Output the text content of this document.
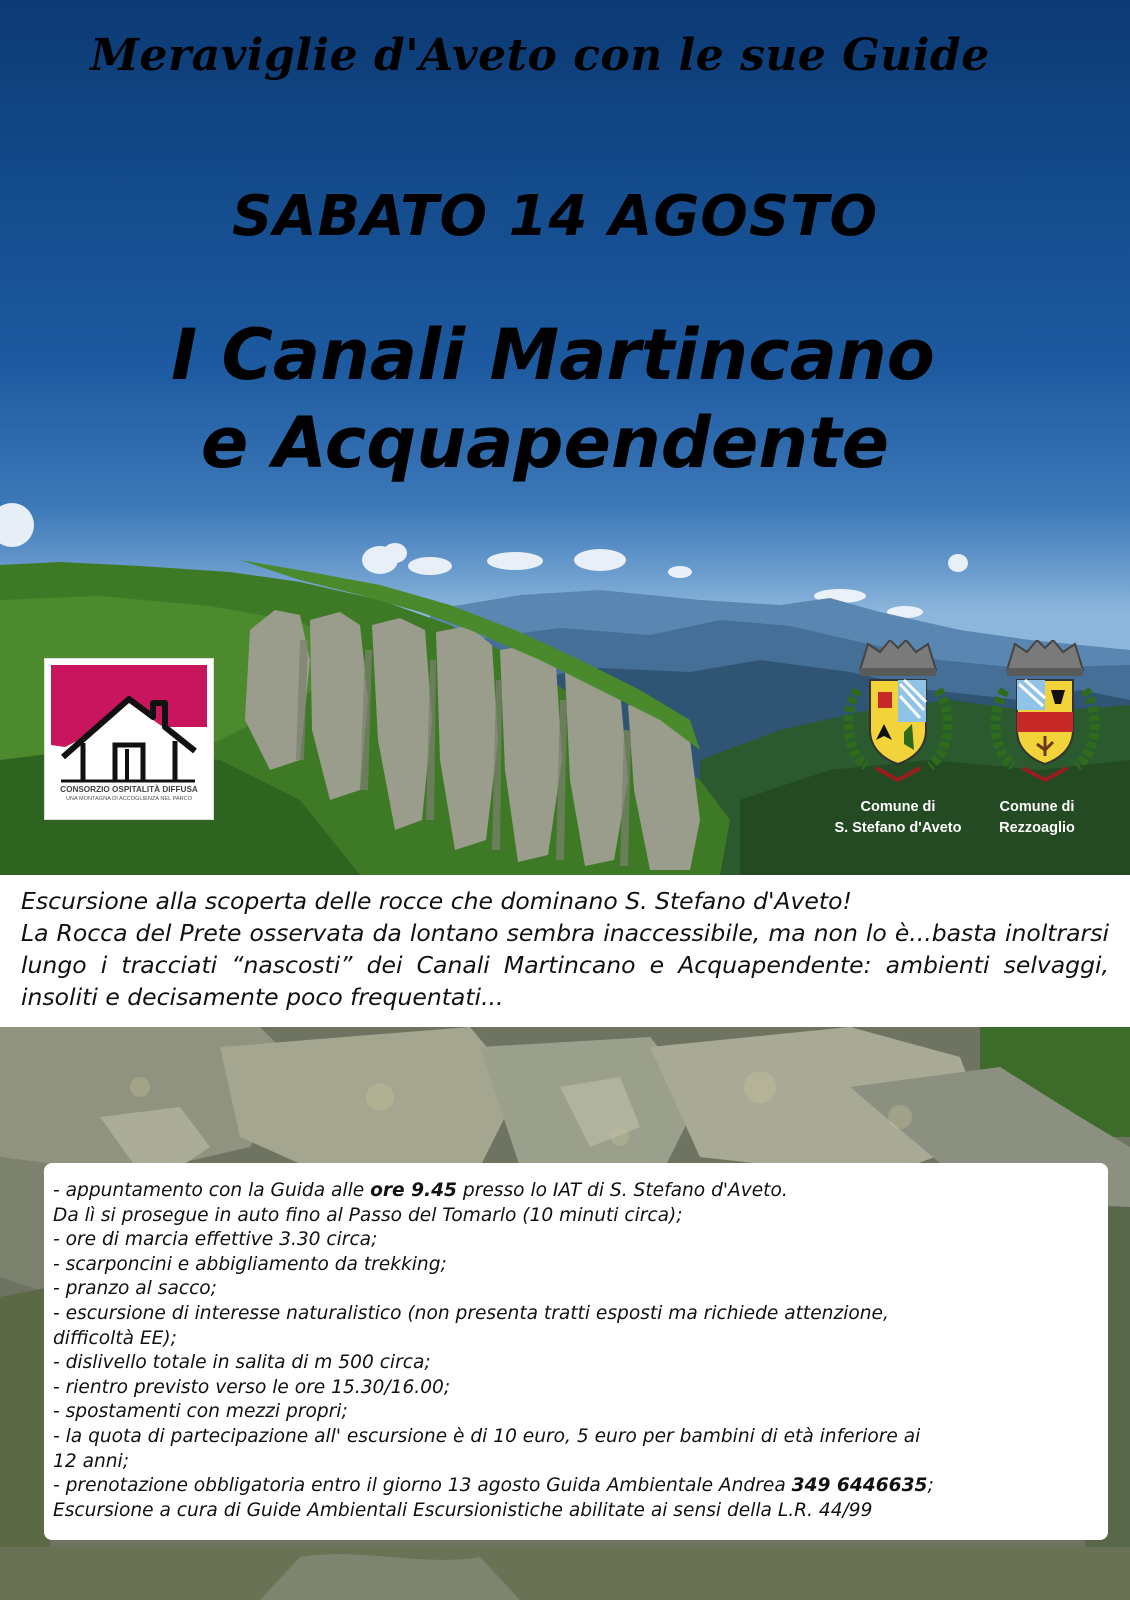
Meraviglie d'Aveto con le sue Guide
SABATO 14 AGOSTO
I Canali Martincano
e Acquapendente
CONSORZIO OSPITALITÀ DIFFUSA
UNA MONTAGNA DI ACCOGLIENZA NEL PARCO	Comune di
S. Stefano d'Aveto
Comune di
Rezzoaglio
Escursione alla scoperta delle rocce che dominano S. Stefano d'Aveto!
La Rocca del Prete osservata da lontano sembra inaccessibile, ma non lo è...basta inoltrarsi lungo i tracciati “nascosti” dei Canali Martincano e Acquapendente: ambienti selvaggi, insoliti e decisamente poco frequentati...
- appuntamento con la Guida alle ore 9.45 presso lo IAT di S. Stefano d'Aveto.
Da lì si prosegue in auto fino al Passo del Tomarlo (10 minuti circa);
- ore di marcia effettive 3.30 circa;
- scarponcini e abbigliamento da trekking;
- pranzo al sacco;
- escursione di interesse naturalistico (non presenta tratti esposti ma richiede attenzione,
difficoltà EE);
- dislivello totale in salita di m 500 circa;
- rientro previsto verso le ore 15.30/16.00;
- spostamenti con mezzi propri;
- la quota di partecipazione all' escursione è di 10 euro, 5 euro per bambini di età inferiore ai
12 anni;
- prenotazione obbligatoria entro il giorno 13 agosto Guida Ambientale Andrea 349 6446635;
Escursione a cura di Guide Ambientali Escursionistiche abilitate ai sensi della L.R. 44/99
